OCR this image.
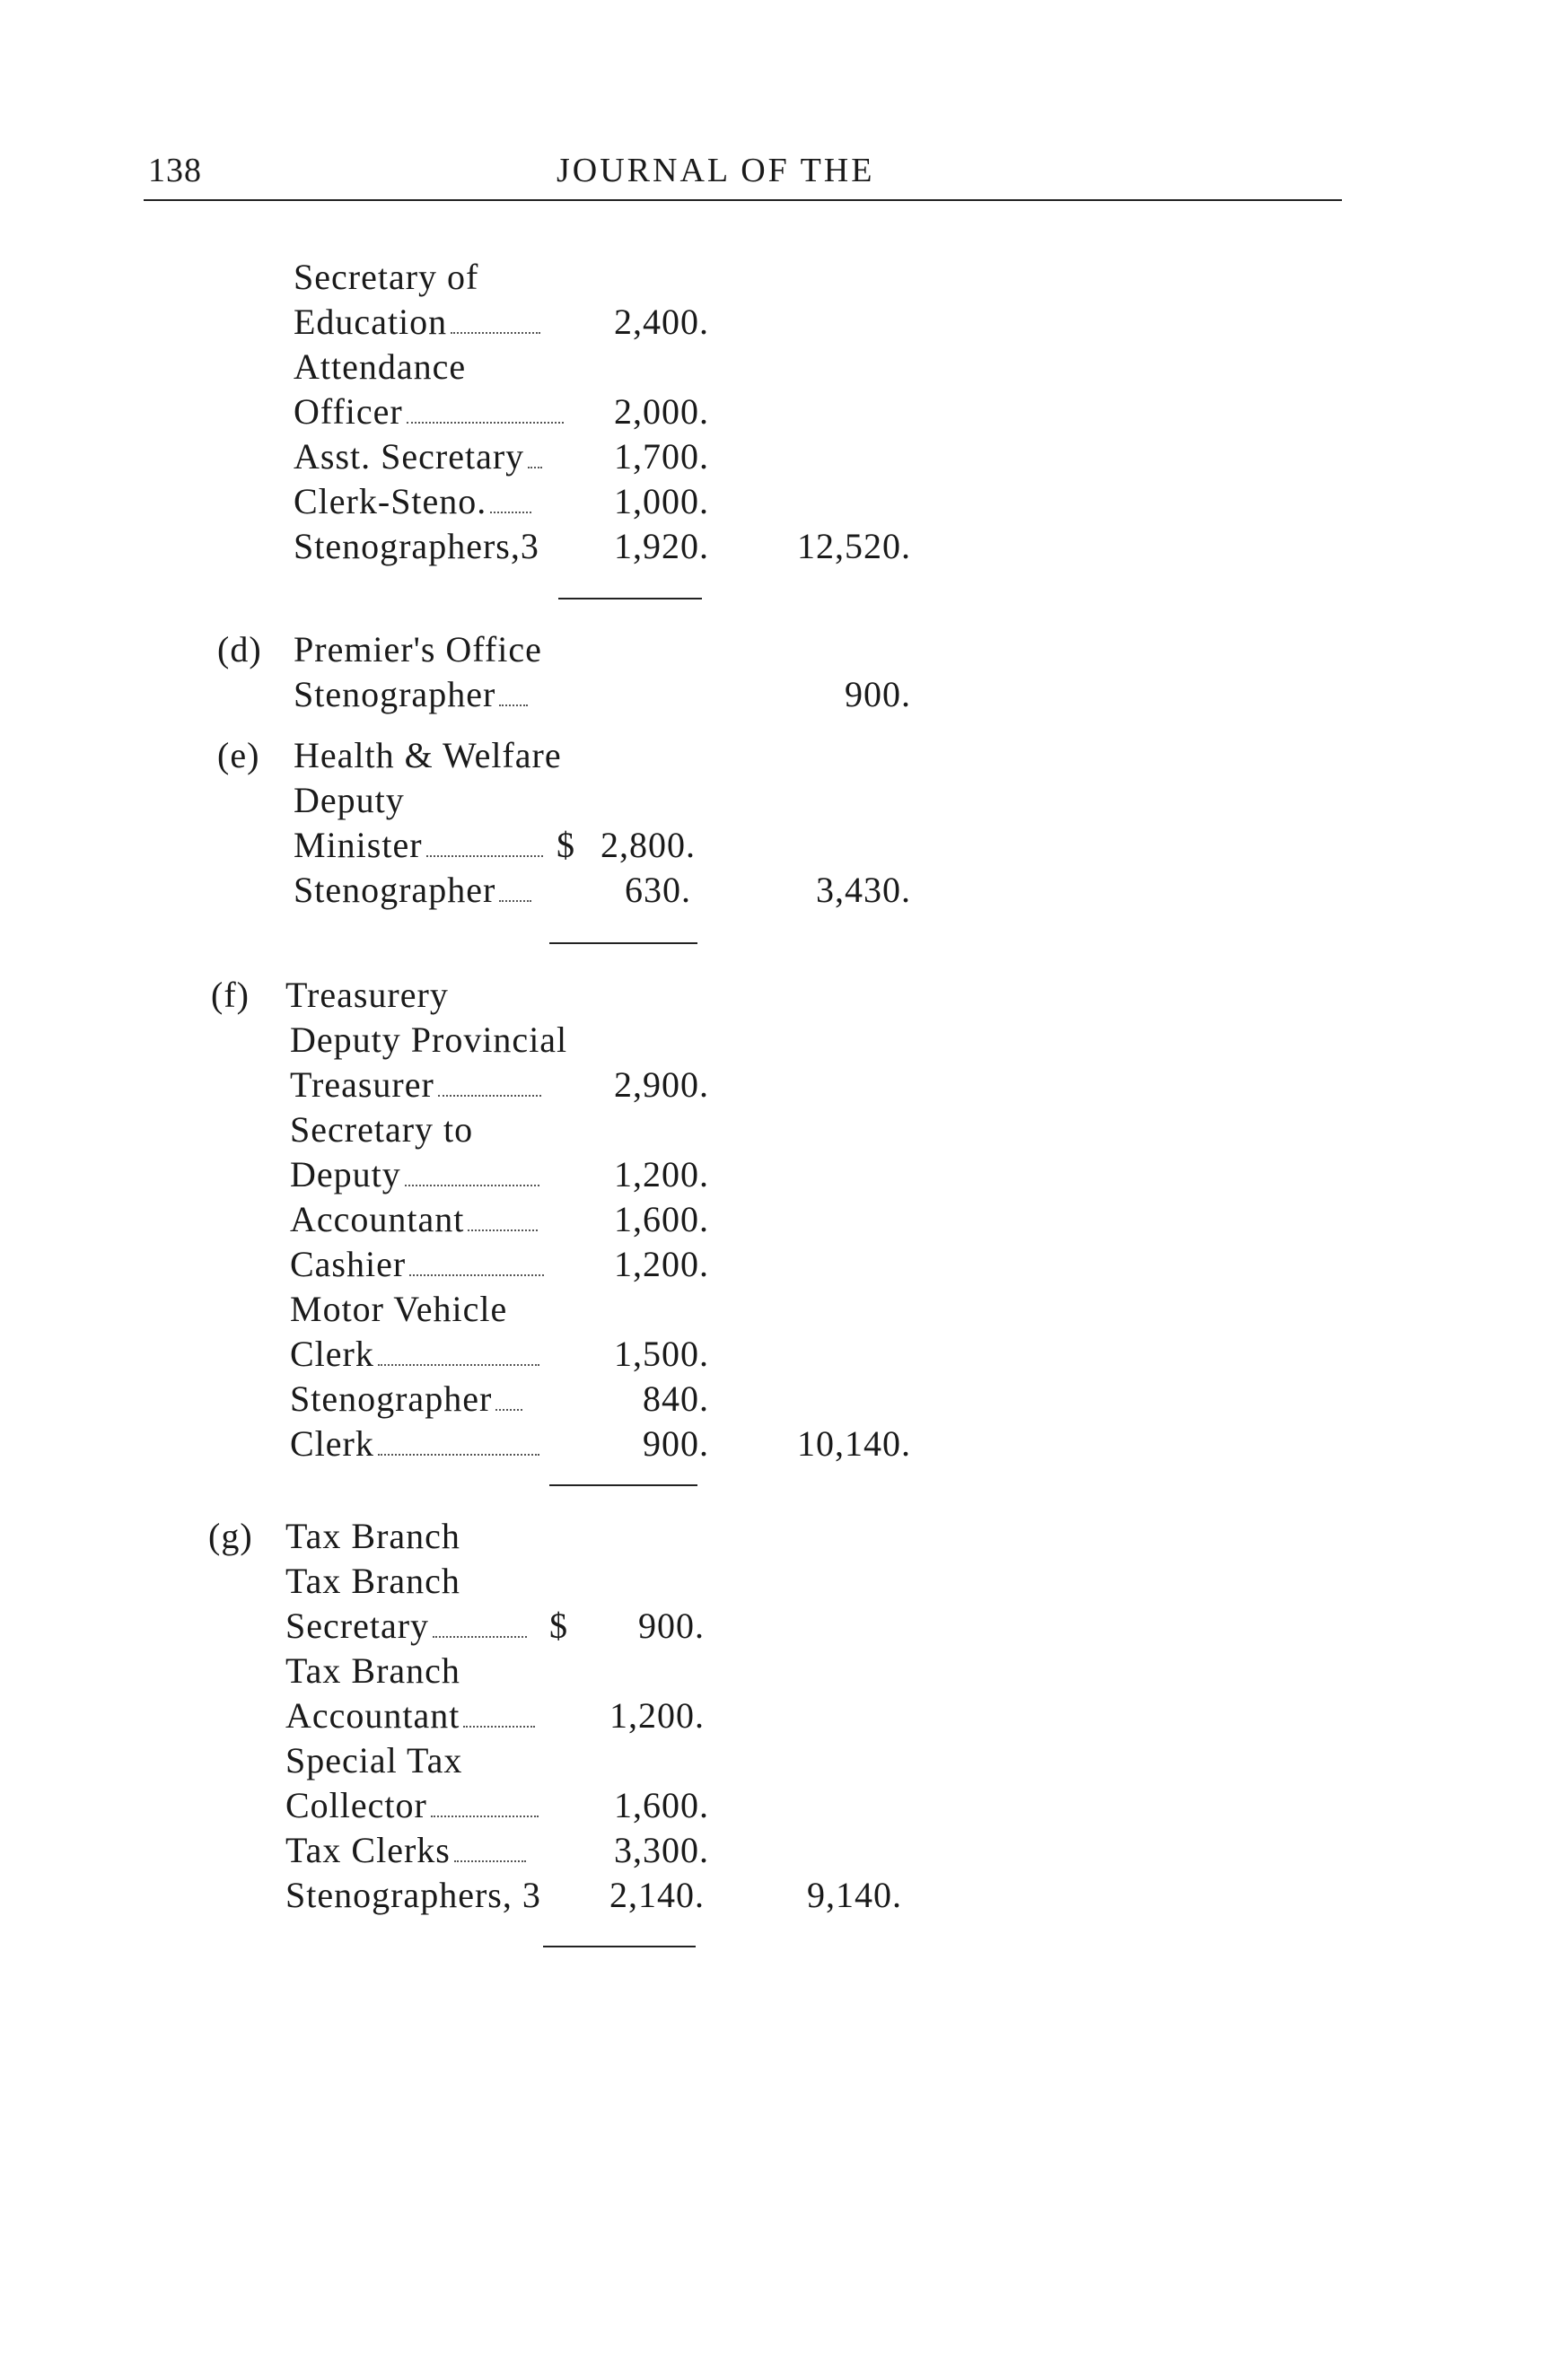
138	JOURNAL OF THE
Secretary of
Education	2,400.
Attendance
Officer	2,000.
Asst. Secretary	1,700.
Clerk-Steno.	1,000.
Stenographers,3	1,920.	12,520.
(d) Premier's Office
Stenographer	900.
(e) Health & Welfare
Deputy
Minister	$ 2,800.
Stenographer	630.	3,430.
(f) Treasurery
Deputy Provincial
Treasurer	2,900.
Secretary to
Deputy	1,200.
Accountant	1,600.
Cashier	1,200.
Motor Vehicle
Clerk	1,500.
Stenographer	840.
Clerk	900.	10,140.
(g) Tax Branch
Tax Branch
Secretary	$	900.
Tax Branch
Accountant	1,200.
Special Tax
Collector	1,600.
Tax Clerks	3,300.
Stenographers, 3	2,140.	9,140.
